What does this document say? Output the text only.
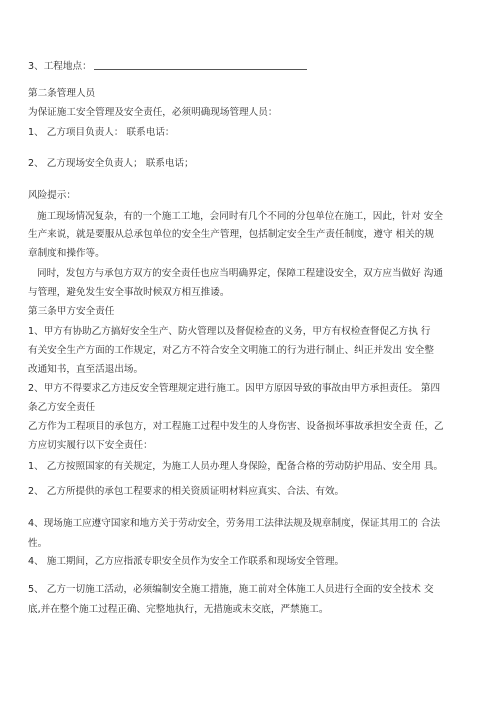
3、工程地点：
第二条管理人员
为保证施工安全管理及安全责任，必须明确现场管理人员：
1、 乙方项目负责人： 联系电话：
2、 乙方现场安全负责人； 联系电话；
风险提示：
施工现场情况复杂，有的一个施工工地，会同时有几个不同的分包单位在施工，因此，针对 安全
生产来说，就是要服从总承包单位的安全生产管理，包括制定安全生产责任制度，遵守 相关的规
章制度和操作等。
同时，发包方与承包方双方的安全责任也应当明确界定，保障工程建设安全，双方应当做好 沟通
与管理，避免发生安全事故时候双方相互推诿。
第三条甲方安全责任
1、甲方有协助乙方搞好安全生产、防火管理以及督促检查的义务，甲方有权检查督促乙方执 行
有关安全生产方面的工作规定，对乙方不符合安全文明施工的行为进行制止、纠正并发出 安全整
改通知书，直至活退出场。
2、甲方不得要求乙方违反安全管理规定进行施工。因甲方原因导致的事故由甲方承担责任。 第四
条乙方安全责任
乙方作为工程项目的承包方，对工程施工过程中发生的人身伤害、设备损坏事故承担安全责 任，乙
方应切实履行以下安全责任：
1、 乙方按照国家的有关规定，为施工人员办理人身保险，配备合格的劳动防护用品、安全用 具。
2、 乙方所提供的承包工程要求的相关资质证明材料应真实、合法、有效。
4、现场施工应遵守国家和地方关于劳动安全，劳务用工法律法规及规章制度，保证其用工的 合法
性。
4、 施工期间，乙方应指派专职安全员作为安全工作联系和现场安全管理。
5、 乙方一切施工活动，必须编制安全施工措施，施工前对全体施工人员进行全面的安全技术 交
底,并在整个施工过程正确、完整地执行，无措施或未交底，严禁施工。
